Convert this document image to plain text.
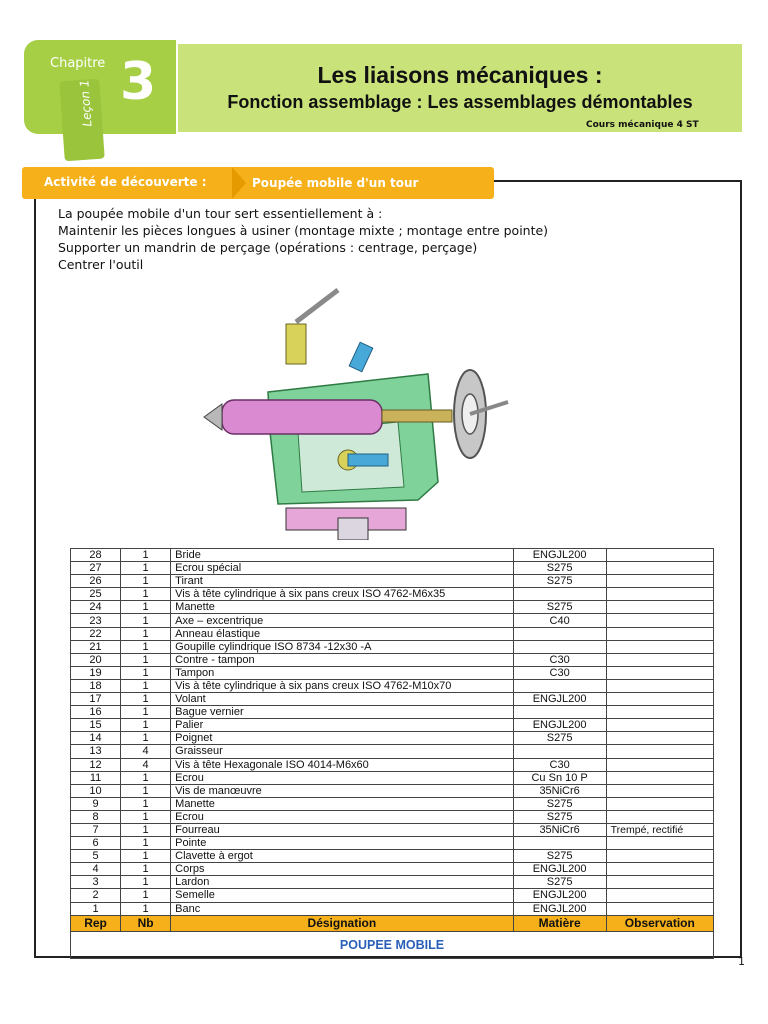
Leçon 1
Chapitre 3	Les liaisons mécaniques :
Fonction assemblage : Les assemblages démontables
Cours mécanique 4 ST
Activité de découverte :	Poupée mobile d'un tour
La poupée mobile d'un tour sert essentiellement à :
Maintenir les pièces longues à usiner (montage mixte ; montage entre pointe)
Supporter un mandrin de perçage (opérations : centrage, perçage)
Centrer l'outil
28	1	Bride	ENGJL200	
27	1	Ecrou spécial	S275	
26	1	Tirant	S275	
25	1	Vis à tête cylindrique à six pans creux ISO 4762-M6x35		
24	1	Manette	S275	
23	1	Axe – excentrique	C40	
22	1	Anneau élastique		
21	1	Goupille cylindrique ISO 8734 -12x30 -A		
20	1	Contre - tampon	C30	
19	1	Tampon	C30	
18	1	Vis à tête cylindrique à six pans creux ISO 4762-M10x70		
17	1	Volant	ENGJL200	
16	1	Bague vernier		
15	1	Palier	ENGJL200	
14	1	Poignet	S275	
13	4	Graisseur		
12	4	Vis à tête Hexagonale ISO 4014-M6x60	C30	
11	1	Ecrou	Cu Sn 10 P	
10	1	Vis de manœuvre	35NiCr6	
9	1	Manette	S275	
8	1	Ecrou	S275	
7	1	Fourreau	35NiCr6	Trempé, rectifié
6	1	Pointe		
5	1	Clavette à ergot	S275	
4	1	Corps	ENGJL200	
3	1	Lardon	S275	
2	1	Semelle	ENGJL200	
1	1	Banc	ENGJL200	
Rep	Nb	Désignation	Matière	Observation
POUPEE MOBILE				
1
